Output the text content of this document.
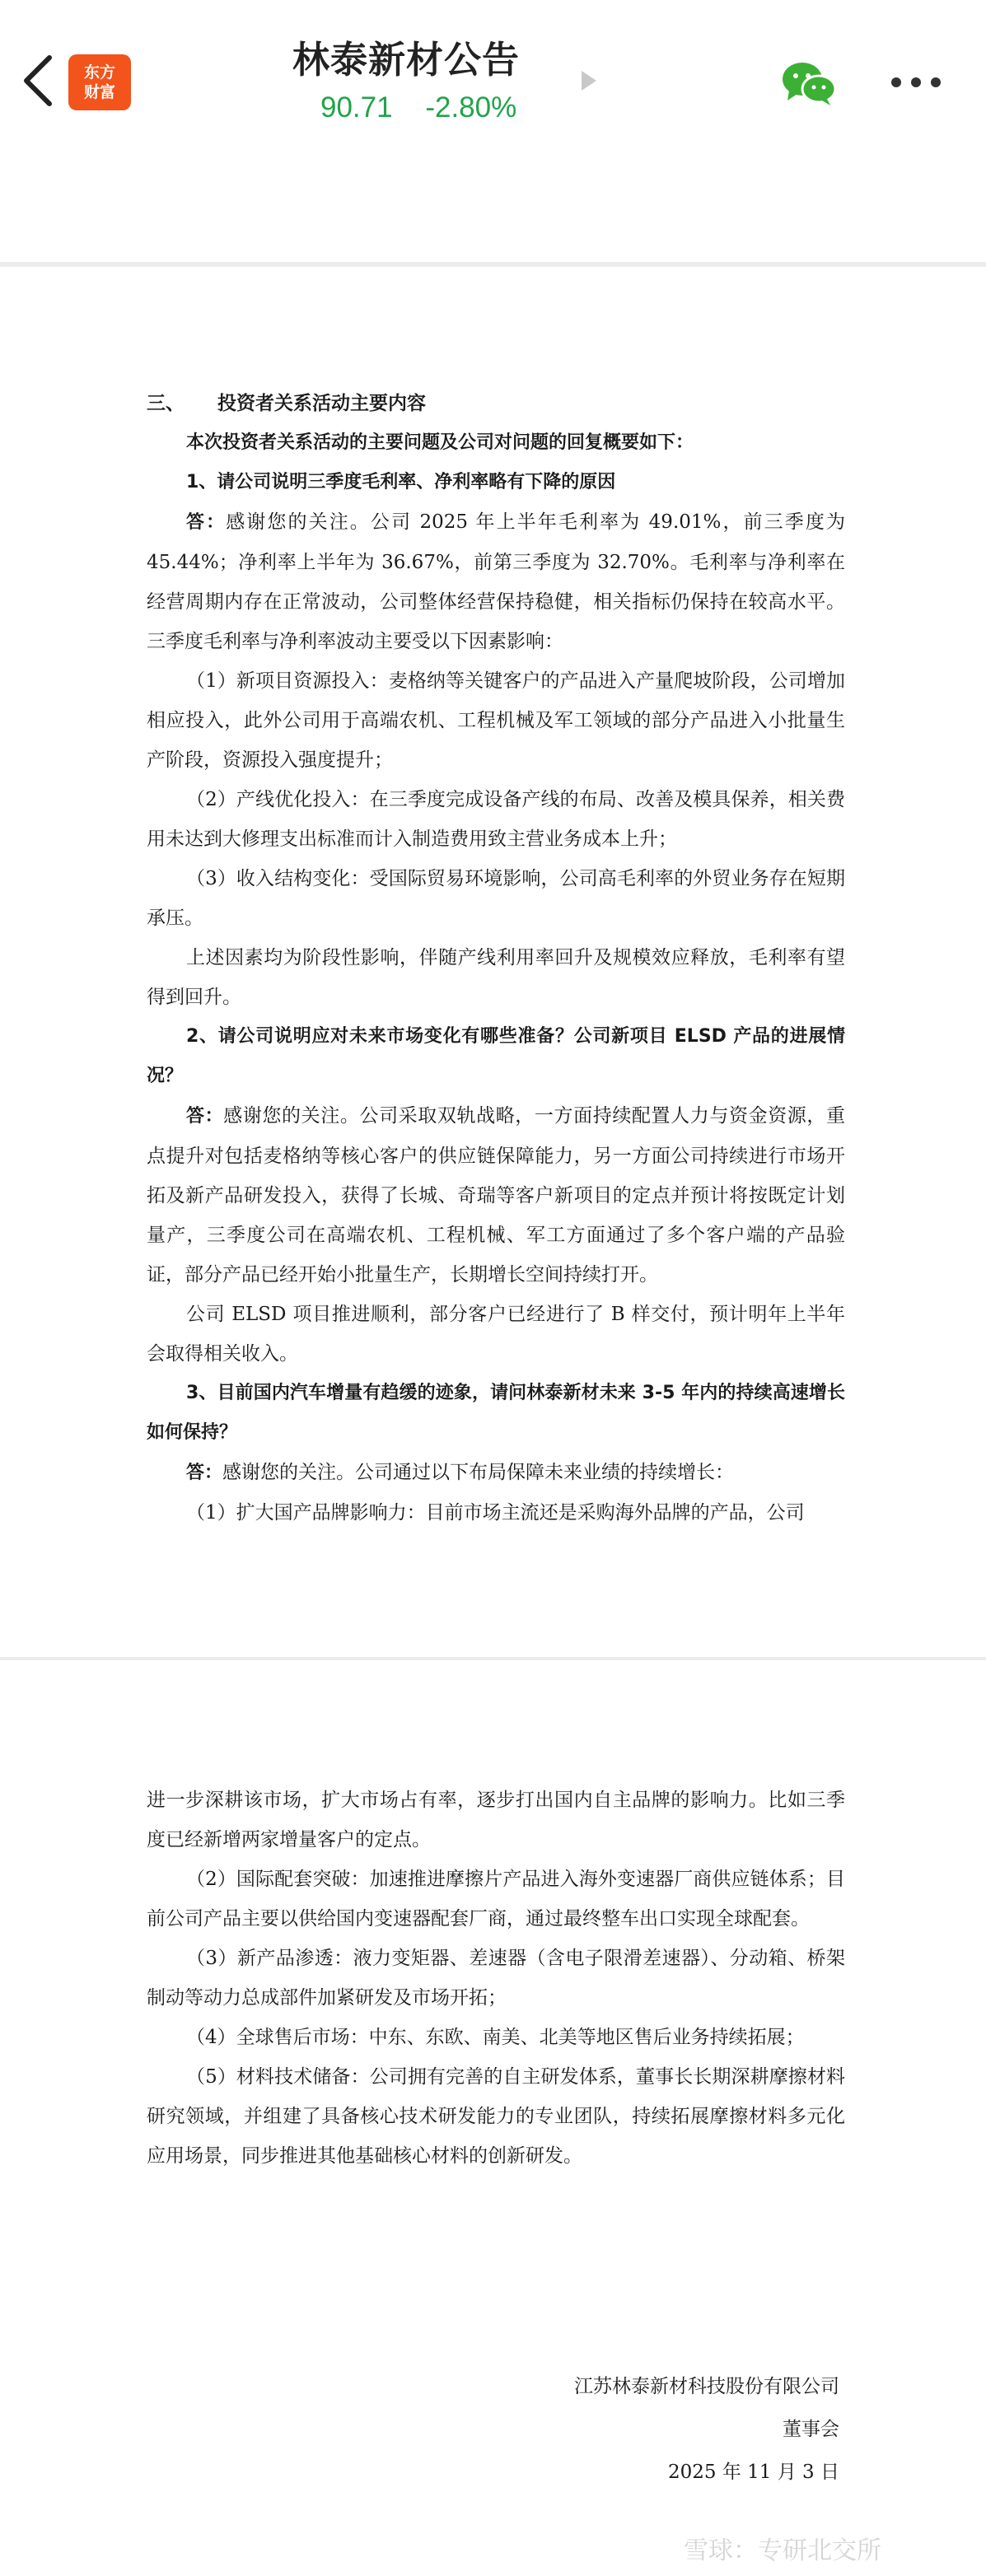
东方
财富
林泰新材公告
90.71 -2.80%

三、 投资者关系活动主要内容

本次投资者关系活动的主要问题及公司对问题的回复概要如下：

1、请公司说明三季度毛利率、净利率略有下降的原因

答：感谢您的关注。公司 2025 年上半年毛利率为 49.01%，前三季度为 45.44%；净利率上半年为 36.67%，前第三季度为 32.70%。毛利率与净利率在经营周期内存在正常波动，公司整体经营保持稳健，相关指标仍保持在较高水平。三季度毛利率与净利率波动主要受以下因素影响：

（1）新项目资源投入：麦格纳等关键客户的产品进入产量爬坡阶段，公司增加相应投入，此外公司用于高端农机、工程机械及军工领域的部分产品进入小批量生产阶段，资源投入强度提升；

（2）产线优化投入：在三季度完成设备产线的布局、改善及模具保养，相关费用未达到大修理支出标准而计入制造费用致主营业务成本上升；

（3）收入结构变化：受国际贸易环境影响，公司高毛利率的外贸业务存在短期承压。

上述因素均为阶段性影响，伴随产线利用率回升及规模效应释放，毛利率有望得到回升。

2、请公司说明应对未来市场变化有哪些准备？公司新项目 ELSD 产品的进展情况？

答：感谢您的关注。公司采取双轨战略，一方面持续配置人力与资金资源，重点提升对包括麦格纳等核心客户的供应链保障能力，另一方面公司持续进行市场开拓及新产品研发投入，获得了长城、奇瑞等客户新项目的定点并预计将按既定计划量产，三季度公司在高端农机、工程机械、军工方面通过了多个客户端的产品验证，部分产品已经开始小批量生产，长期增长空间持续打开。

公司 ELSD 项目推进顺利，部分客户已经进行了 B 样交付，预计明年上半年会取得相关收入。

3、目前国内汽车增量有趋缓的迹象，请问林泰新材未来 3-5 年内的持续高速增长如何保持？

答：感谢您的关注。公司通过以下布局保障未来业绩的持续增长：

（1）扩大国产品牌影响力：目前市场主流还是采购海外品牌的产品，公司

进一步深耕该市场，扩大市场占有率，逐步打出国内自主品牌的影响力。比如三季度已经新增两家增量客户的定点。

（2）国际配套突破：加速推进摩擦片产品进入海外变速器厂商供应链体系；目前公司产品主要以供给国内变速器配套厂商，通过最终整车出口实现全球配套。

（3）新产品渗透：液力变矩器、差速器（含电子限滑差速器）、分动箱、桥架制动等动力总成部件加紧研发及市场开拓；

（4）全球售后市场：中东、东欧、南美、北美等地区售后业务持续拓展；

（5）材料技术储备：公司拥有完善的自主研发体系，董事长长期深耕摩擦材料研究领域，并组建了具备核心技术研发能力的专业团队，持续拓展摩擦材料多元化应用场景，同步推进其他基础核心材料的创新研发。

江苏林泰新材科技股份有限公司
董事会
2025 年 11 月 3 日
雪球：专研北交所
